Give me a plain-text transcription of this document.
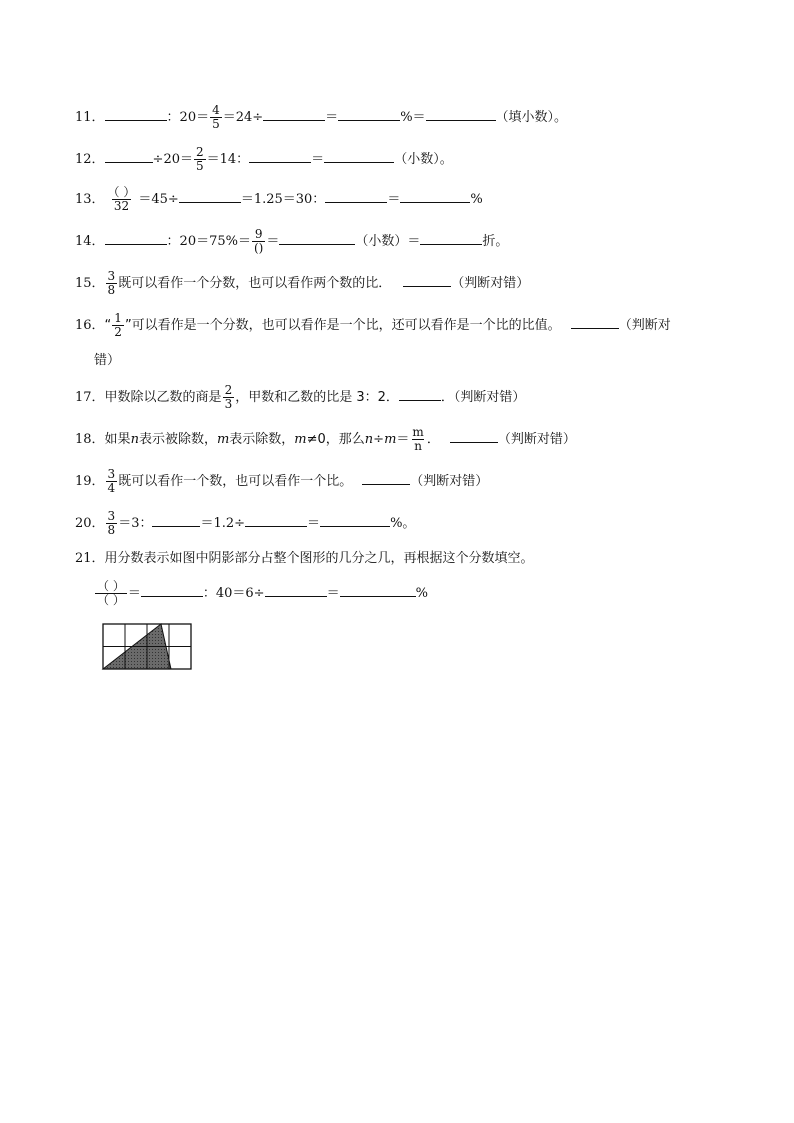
11．	：$20= \frac{4}{5} =24\div$	＝	%＝	（填小数）。
12．	$\div 20= \frac{2}{5} =14$：	＝	（小数）。
13． $\frac{( )}{32} =45\div$	＝1.25＝30：	＝	%
14．	：$20=75\%= \frac{9}{()}$ ＝	（小数）＝	折。
15． $\frac{3}{8}$ 既可以看作一个分数，也可以看作两个数的比．	（判断对错）
16．“ $\frac{1}{2}$ ”可以看作是一个分数，也可以看作是一个比，还可以看作是一个比的比值。	（判断对
错）
17．甲数除以乙数的商是 $\frac{2}{3}$ ，甲数和乙数的比是 3：2．	．（判断对错）
18．如果n表示被除数，m表示除数，m≠0，那么$n\div m= \frac{m}{n}$ ．	（判断对错）
19． $\frac{3}{4}$ 既可以看作一个数，也可以看作一个比。	（判断对错）
20． $\frac{3}{8} =3$：	＝1.2÷	＝	%。
21．用分数表示如图中阴影部分占整个图形的几分之几，再根据这个分数填空。
$\frac{( )}{( )}$ ＝	：40＝6÷	＝	%
